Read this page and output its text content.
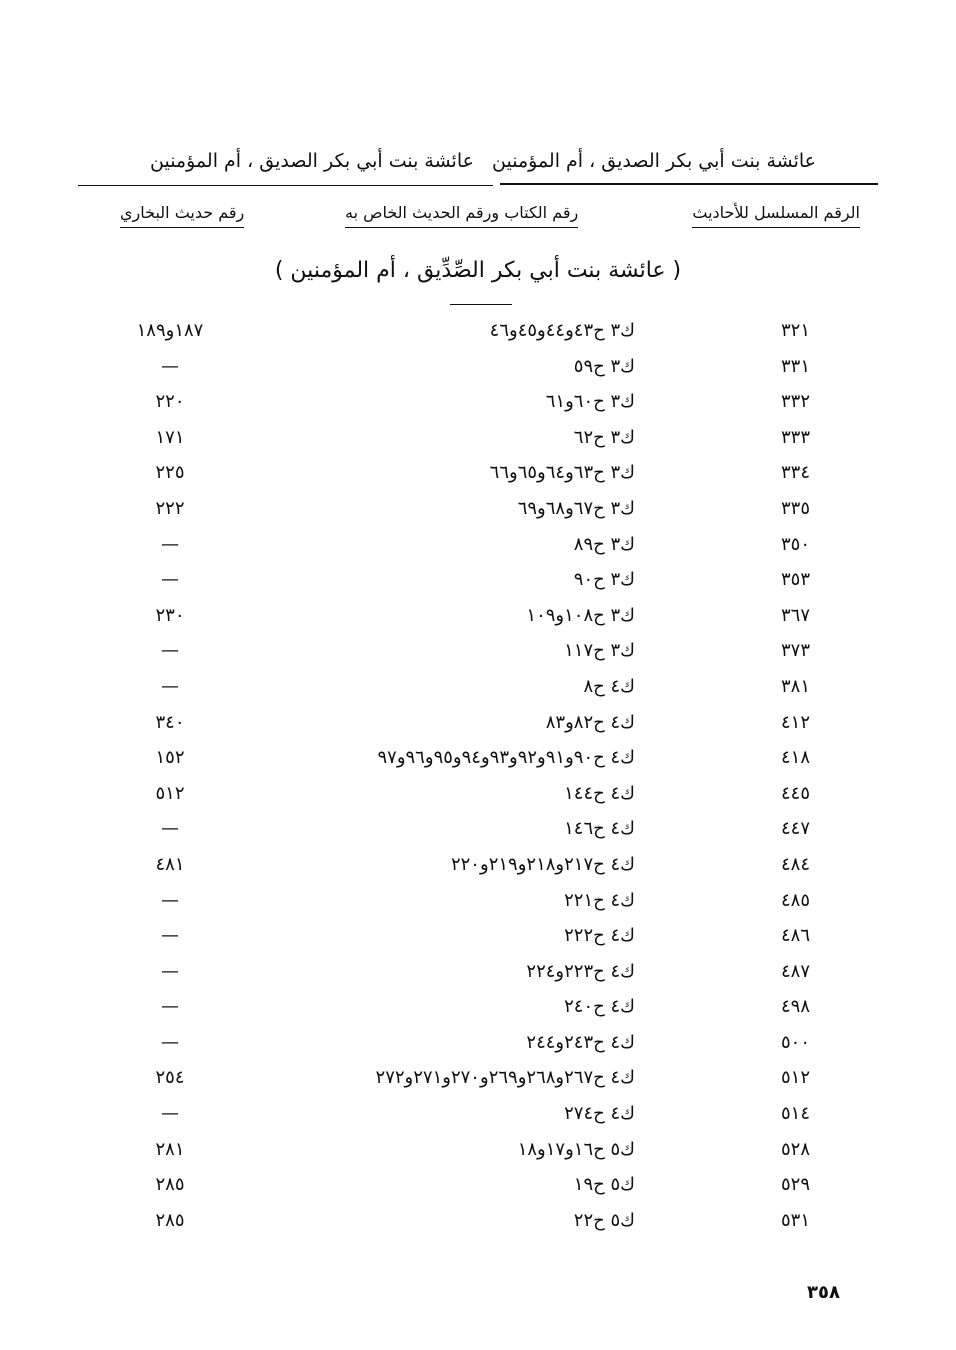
عائشة بنت أبي بكر الصديق ، أم المؤمنين
عائشة بنت أبي بكر الصديق ، أم المؤمنين
الرقم المسلسل للأحاديث
رقم الكتاب ورقم الحديث الخاص به
رقم حديث البخاري
( عائشة بنت أبي بكر الصِّدِّيق ، أم المؤمنين )
٣٢١
ك٣ ح٤٣و٤٤و٤٥و٤٦
١٨٧و١٨٩
٣٣١
ك٣ ح٥٩
—
٣٣٢
ك٣ ح٦٠و٦١
٢٢٠
٣٣٣
ك٣ ح٦٢
١٧١
٣٣٤
ك٣ ح٦٣و٦٤و٦٥و٦٦
٢٢٥
٣٣٥
ك٣ ح٦٧و٦٨و٦٩
٢٢٢
٣٥٠
ك٣ ح٨٩
—
٣٥٣
ك٣ ح٩٠
—
٣٦٧
ك٣ ح١٠٨و١٠٩
٢٣٠
٣٧٣
ك٣ ح١١٧
—
٣٨١
ك٤ ح٨
—
٤١٢
ك٤ ح٨٢و٨٣
٣٤٠
٤١٨
ك٤ ح٩٠و٩١و٩٢و٩٣و٩٤و٩٥و٩٦و٩٧
١٥٢
٤٤٥
ك٤ ح١٤٤
٥١٢
٤٤٧
ك٤ ح١٤٦
—
٤٨٤
ك٤ ح٢١٧و٢١٨و٢١٩و٢٢٠
٤٨١
٤٨٥
ك٤ ح٢٢١
—
٤٨٦
ك٤ ح٢٢٢
—
٤٨٧
ك٤ ح٢٢٣و٢٢٤
—
٤٩٨
ك٤ ح٢٤٠
—
٥٠٠
ك٤ ح٢٤٣و٢٤٤
—
٥١٢
ك٤ ح٢٦٧و٢٦٨و٢٦٩و٢٧٠و٢٧١و٢٧٢
٢٥٤
٥١٤
ك٤ ح٢٧٤
—
٥٢٨
ك٥ ح١٦و١٧و١٨
٢٨١
٥٢٩
ك٥ ح١٩
٢٨٥
٥٣١
ك٥ ح٢٢
٢٨٥
٣٥٨
